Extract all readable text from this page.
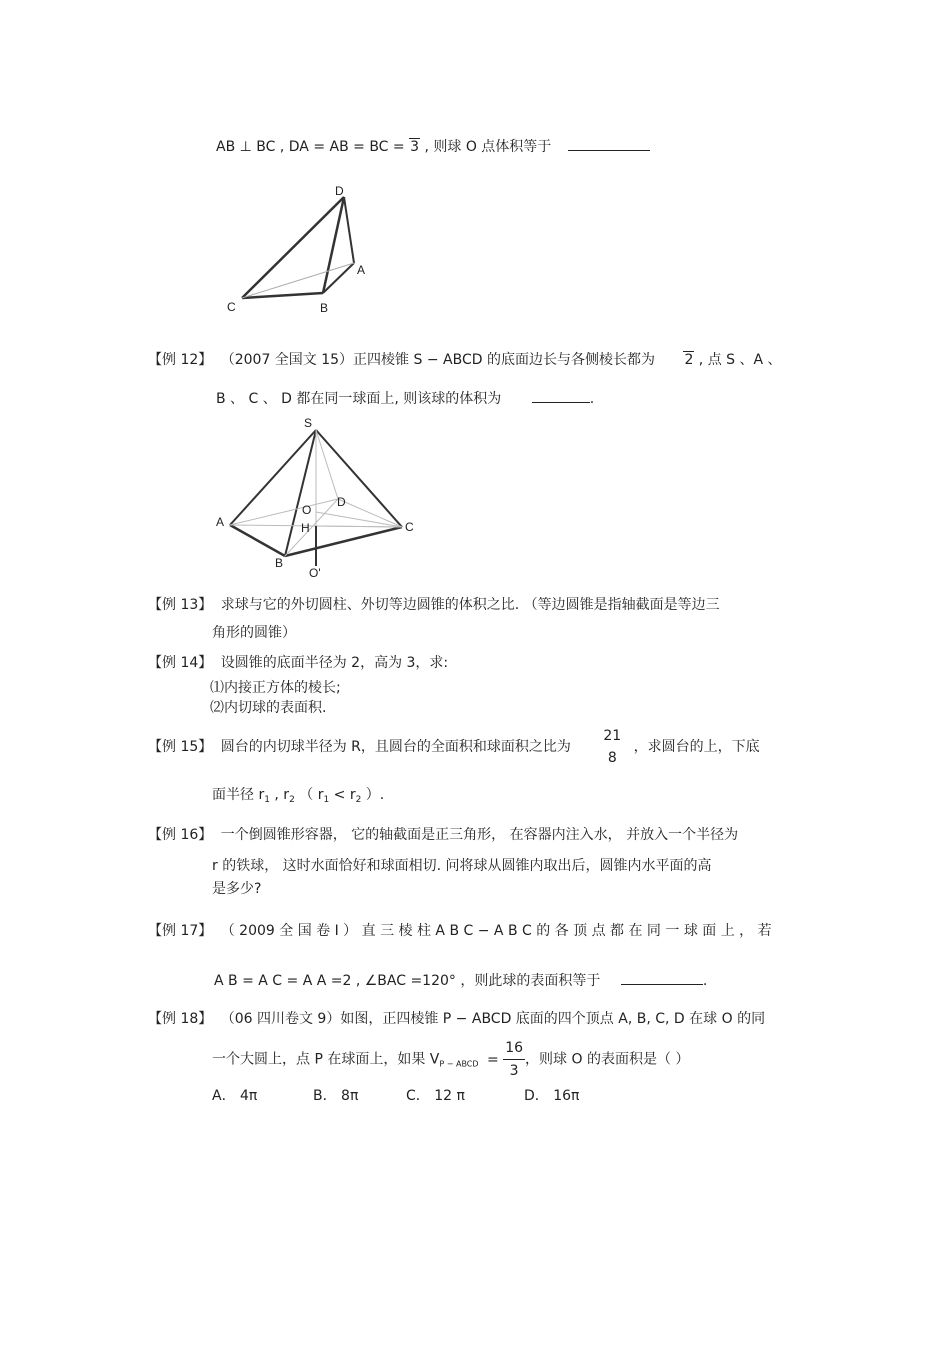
AB ⊥ BC , DA = AB = BC = 3 , 则球 O 点体积等于
D
A
B
C
【例 12】 （2007 全国文 15）正四棱锥 S − ABCD 的底面边长与各侧棱长都为 2 , 点 S 、A 、
B 、 C 、 D 都在同一球面上, 则该球的体积为	.
S
D
O
H
A	C
B
O'
【例 13】 求球与它的外切圆柱、外切等边圆锥的体积之比. （等边圆锥是指轴截面是等边三
角形的圆锥）
【例 14】 设圆锥的底面半径为 2，高为 3，求:
⑴内接正方体的棱长;
⑵内切球的表面积.
【例 15】 圆台的内切球半径为 R，且圆台的全面积和球面积之比为
21
8
，求圆台的上，下底
面半径 $r_1$ , $r_2$ （ $r_1 < r_2$ ）.
【例 16】 一个倒圆锥形容器， 它的轴截面是正三角形， 在容器内注入水， 并放入一个半径为
r 的铁球， 这时水面恰好和球面相切. 问将球从圆锥内取出后，圆锥内水平面的高
是多少?
【例 17】 （ 2009 全 国 卷 I ） 直 三 棱 柱 A B C − A B C 的 各 顶 点 都 在 同 一 球 面 上 ， 若
A B = A C = A A =2 , ∠BAC =120° ，则此球的表面积等于	.
【例 18】 （06 四川卷文 9）如图，正四棱锥 P − ABCD 底面的四个顶点 A, B, C, D 在球 O 的同
一个大圆上，点 P 在球面上，如果 $V_{P - ABCD} = \frac{16}{3}$ ，则球 O 的表面积是（ ）
A． 4π	B． 8π	C． 12 π	D． 16π
